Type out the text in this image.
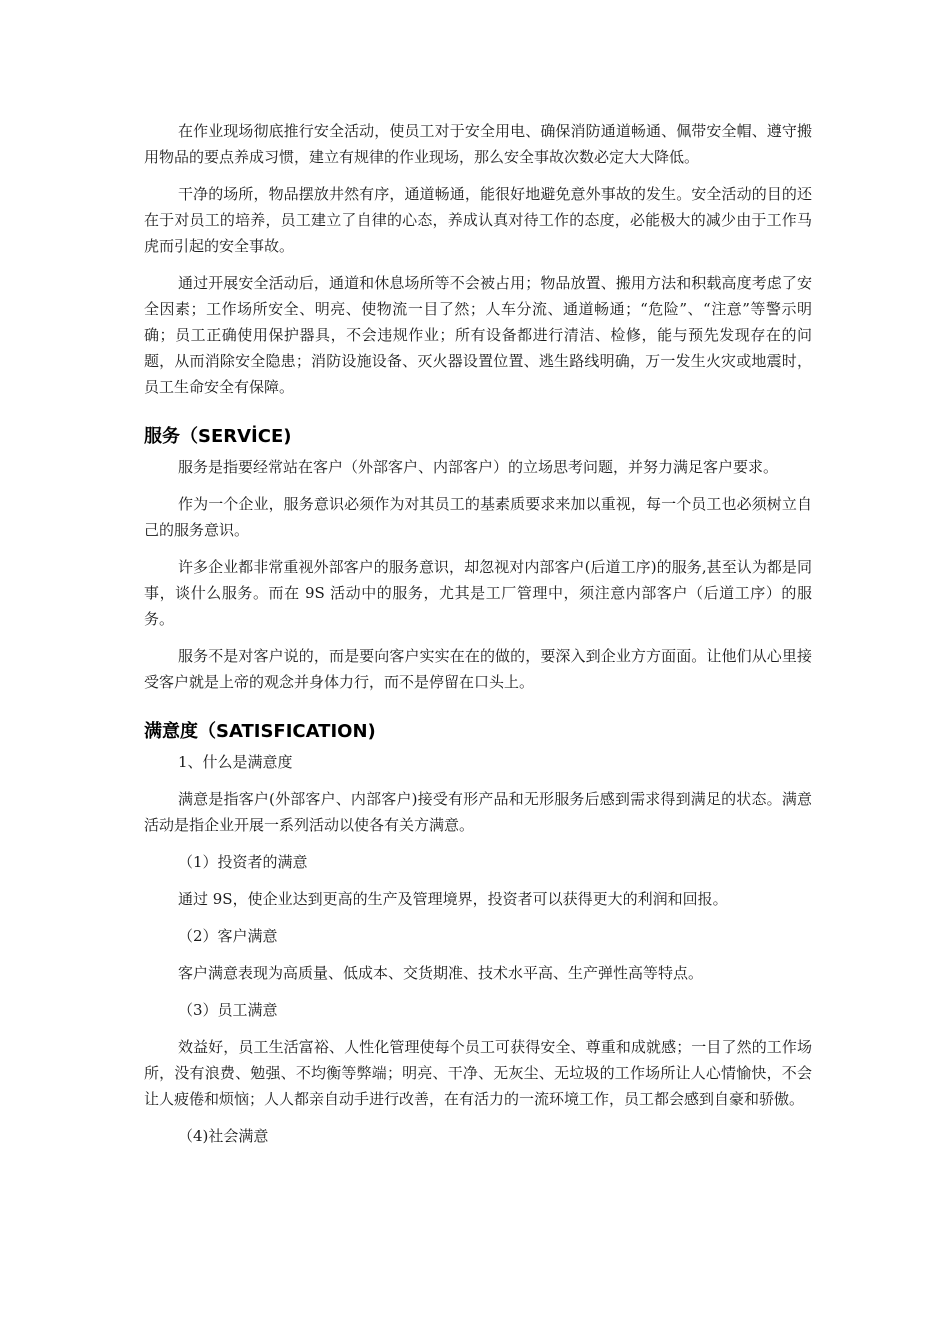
在作业现场彻底推行安全活动，使员工对于安全用电、确保消防通道畅通、佩带安全帽、遵守搬用物品的要点养成习惯，建立有规律的作业现场，那么安全事故次数必定大大降低。

干净的场所，物品摆放井然有序，通道畅通，能很好地避免意外事故的发生。安全活动的目的还在于对员工的培养，员工建立了自律的心态，养成认真对待工作的态度，必能极大的减少由于工作马虎而引起的安全事故。

通过开展安全活动后，通道和休息场所等不会被占用；物品放置、搬用方法和积载高度考虑了安全因素；工作场所安全、明亮、使物流一目了然；人车分流、通道畅通；“危险”、“注意”等警示明确；员工正确使用保护器具，不会违规作业；所有设备都进行清洁、检修，能与预先发现存在的问题，从而消除安全隐患；消防设施设备、灭火器设置位置、逃生路线明确，万一发生火灾或地震时，员工生命安全有保障。

服务（SERVİCE)

服务是指要经常站在客户（外部客户、内部客户）的立场思考问题，并努力满足客户要求。

作为一个企业，服务意识必须作为对其员工的基素质要求来加以重视，每一个员工也必须树立自己的服务意识。

许多企业都非常重视外部客户的服务意识，却忽视对内部客户(后道工序)的服务,甚至认为都是同事，谈什么服务。而在 9S 活动中的服务，尤其是工厂管理中，须注意内部客户（后道工序）的服务。

服务不是对客户说的，而是要向客户实实在在的做的，要深入到企业方方面面。让他们从心里接受客户就是上帝的观念并身体力行，而不是停留在口头上。

满意度（SATISFICATION)

1、什么是满意度

满意是指客户(外部客户、内部客户)接受有形产品和无形服务后感到需求得到满足的状态。满意活动是指企业开展一系列活动以使各有关方满意。

（1）投资者的满意

通过 9S，使企业达到更高的生产及管理境界，投资者可以获得更大的利润和回报。

（2）客户满意

客户满意表现为高质量、低成本、交货期准、技术水平高、生产弹性高等特点。

（3）员工满意

效益好，员工生活富裕、人性化管理使每个员工可获得安全、尊重和成就感；一目了然的工作场所，没有浪费、勉强、不均衡等弊端；明亮、干净、无灰尘、无垃圾的工作场所让人心情愉快，不会让人疲倦和烦恼；人人都亲自动手进行改善，在有活力的一流环境工作，员工都会感到自豪和骄傲。

（4)社会满意
